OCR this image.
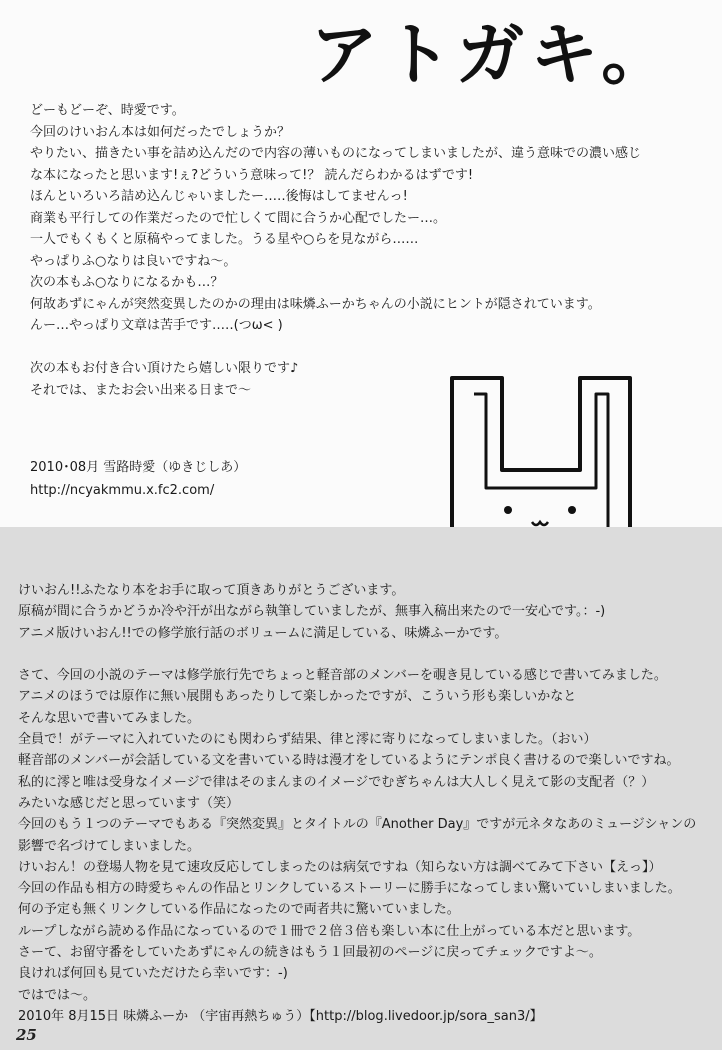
アトガキ。
どーもどーぞ、時愛です。
今回のけいおん本は如何だったでしょうか？
やりたい、描きたい事を詰め込んだので内容の薄いものになってしまいましたが、違う意味での濃い感じ
な本になったと思います!ぇ?どういう意味って!？ 読んだらわかるはずです!
ほんといろいろ詰め込んじゃいましたー…‥後悔はしてませんっ!
商業も平行しての作業だったので忙しくて間に合うか心配でしたー…。
一人でもくもくと原稿やってました。うる星や○らを見ながら……
やっぱりふ○なりは良いですね～。
次の本もふ○なりになるかも…？
何故あずにゃんが突然変異したのかの理由は味燐ふーかちゃんの小説にヒントが隠されています。
んー…やっぱり文章は苦手です…‥(つω< )
次の本もお付き合い頂けたら嬉しい限りです♪
それでは、またお会い出来る日まで～
2010･08月 雪路時愛（ゆきじしあ）
http://ncyakmmu.x.fc2.com/
けいおん!!ふたなり本をお手に取って頂きありがとうございます。
原稿が間に合うかどうか冷や汗が出ながら執筆していましたが、無事入稿出来たので一安心です。：-)
アニメ版けいおん!!での修学旅行話のボリュームに満足している、味燐ふーかです。
さて、今回の小説のテーマは修学旅行先でちょっと軽音部のメンバーを覗き見している感じで書いてみました。
アニメのほうでは原作に無い展開もあったりして楽しかったですが、こういう形も楽しいかなと
そんな思いで書いてみました。
全員で！がテーマに入れていたのにも関わらず結果、律と澪に寄りになってしまいました。（おい）
軽音部のメンバーが会話している文を書いている時は漫才をしているようにテンポ良く書けるので楽しいですね。
私的に澪と唯は受身なイメージで律はそのまんまのイメージでむぎちゃんは大人しく見えて影の支配者（？）
みたいな感じだと思っています（笑）
今回のもう１つのテーマでもある『突然変異』とタイトルの『Another Day』ですが元ネタなあのミュージシャンの
影響で名づけてしまいました。
けいおん！の登場人物を見て速攻反応してしまったのは病気ですね（知らない方は調べてみて下さい【えっ】）
今回の作品も相方の時愛ちゃんの作品とリンクしているストーリーに勝手になってしまい驚いていしまいました。
何の予定も無くリンクしている作品になったので両者共に驚いていました。
ループしながら読める作品になっているので１冊で２倍３倍も楽しい本に仕上がっている本だと思います。
さーて、お留守番をしていたあずにゃんの続きはもう１回最初のページに戻ってチェックですよ～。
良ければ何回も見ていただけたら幸いです：-)
ではでは～。
2010年 8月15日 味燐ふーか （宇宙再熱ちゅう）【http://blog.livedoor.jp/sora_san3/】
25
